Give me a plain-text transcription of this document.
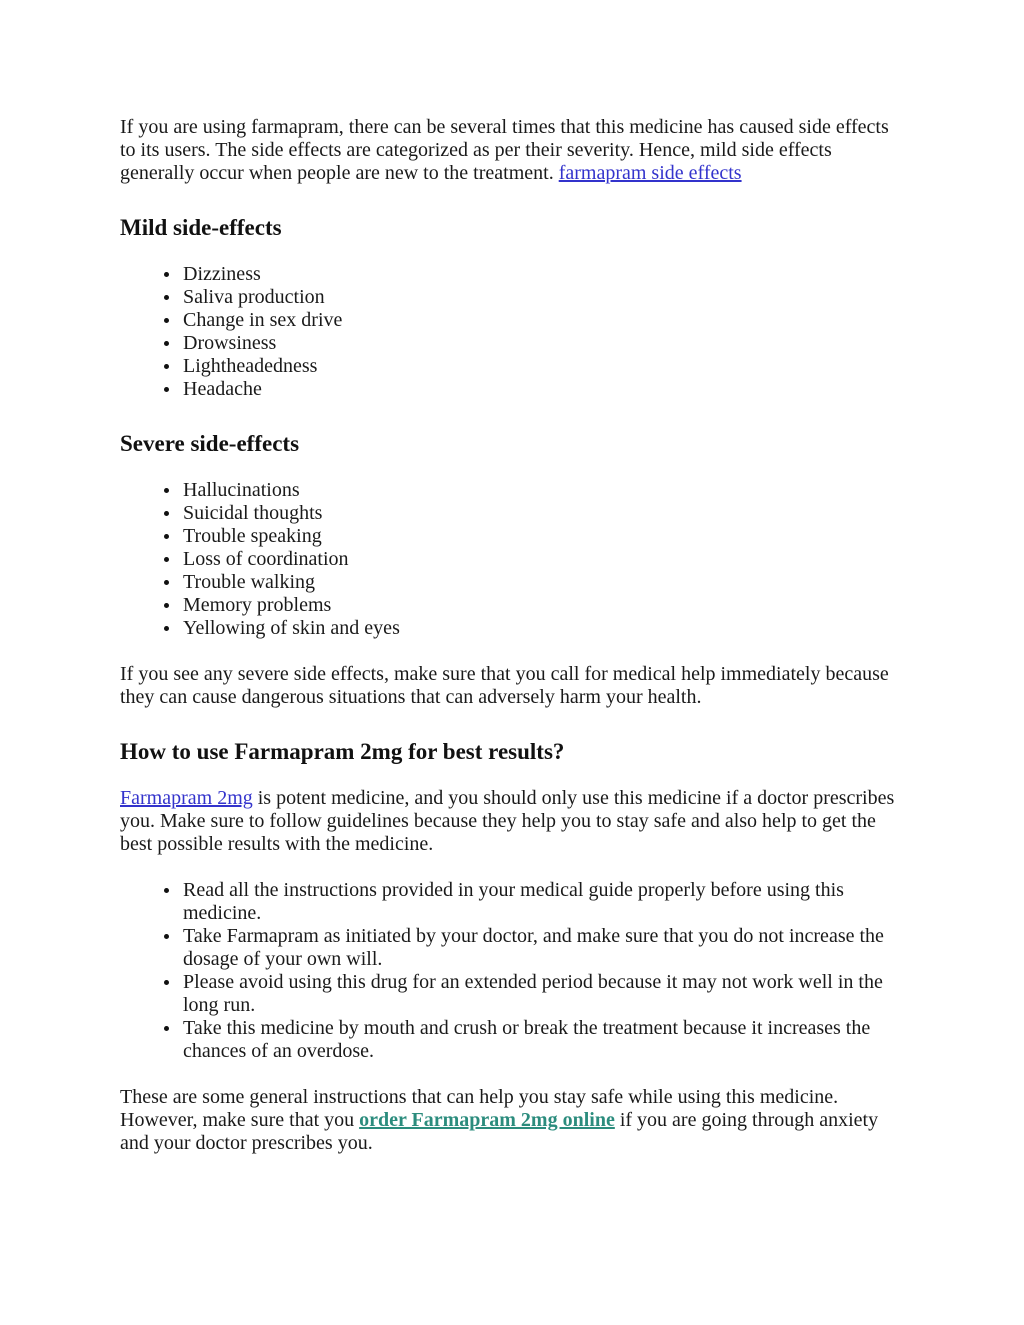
If you are using farmapram, there can be several times that this medicine has caused side effects to its users. The side effects are categorized as per their severity. Hence, mild side effects generally occur when people are new to the treatment. farmapram side effects

Mild side-effects
• Dizziness
• Saliva production
• Change in sex drive
• Drowsiness
• Lightheadedness
• Headache
Severe side-effects
• Hallucinations
• Suicidal thoughts
• Trouble speaking
• Loss of coordination
• Trouble walking
• Memory problems
• Yellowing of skin and eyes

If you see any severe side effects, make sure that you call for medical help immediately because they can cause dangerous situations that can adversely harm your health.

How to use Farmapram 2mg for best results?

Farmapram 2mg is potent medicine, and you should only use this medicine if a doctor prescribes you. Make sure to follow guidelines because they help you to stay safe and also help to get the best possible results with the medicine.

• Read all the instructions provided in your medical guide properly before using this medicine.
• Take Farmapram as initiated by your doctor, and make sure that you do not increase the dosage of your own will.
• Please avoid using this drug for an extended period because it may not work well in the long run.
• Take this medicine by mouth and crush or break the treatment because it increases the chances of an overdose.

These are some general instructions that can help you stay safe while using this medicine. However, make sure that you order Farmapram 2mg online if you are going through anxiety and your doctor prescribes you.
